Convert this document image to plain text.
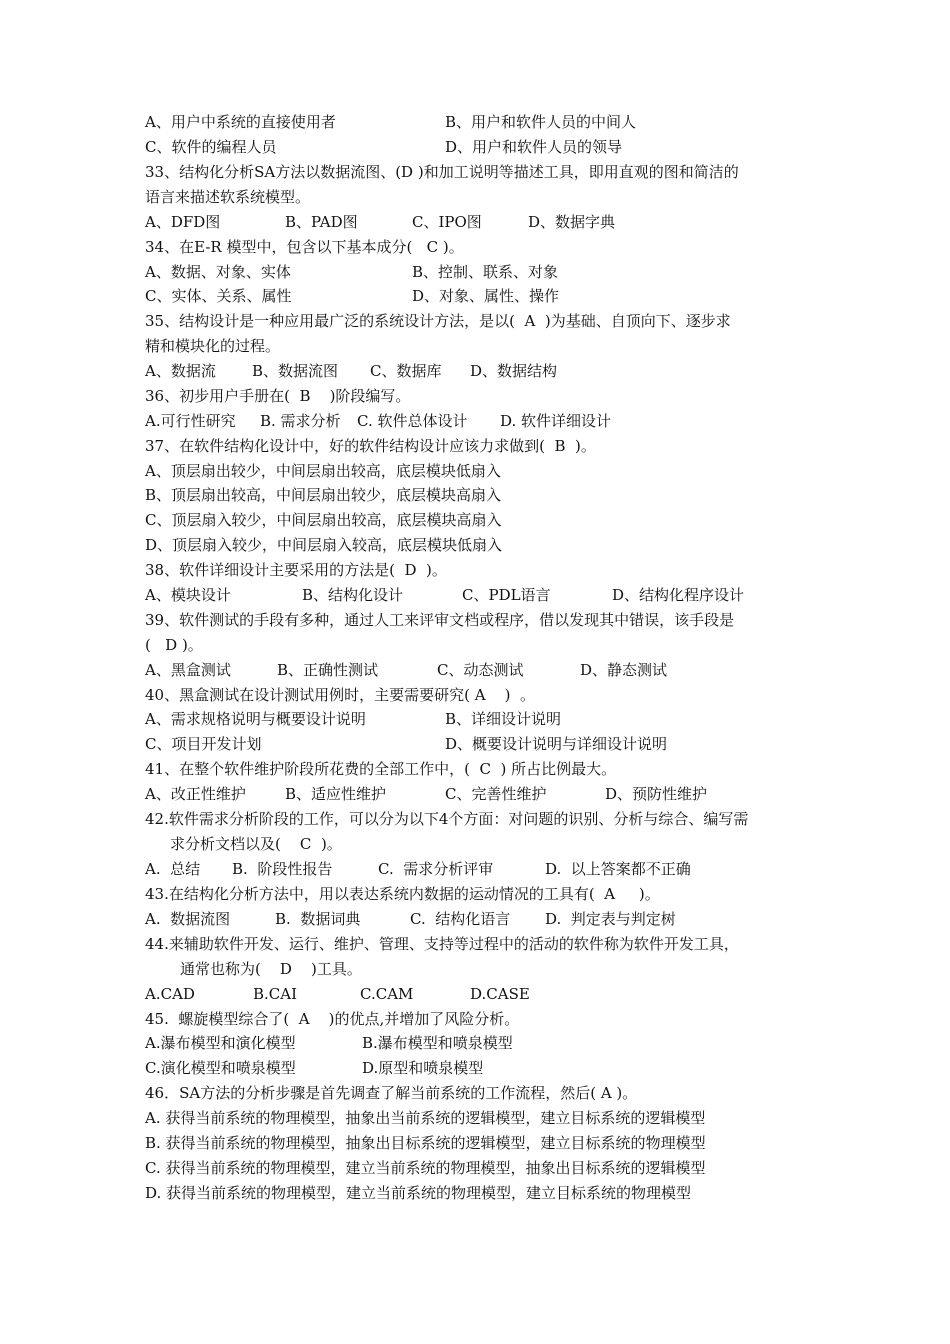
A、用户中系统的直接使用者	B、用户和软件人员的中间人
C、软件的编程人员	D、用户和软件人员的领导
33、结构化分析SA方法以数据流图、(D )和加工说明等描述工具，即用直观的图和简洁的
语言来描述软系统模型。
A、DFD图	B、PAD图	C、IPO图	D、数据字典
34、在E-R 模型中，包含以下基本成分(   C )。
A、数据、对象、实体	B、控制、联系、对象
C、实体、关系、属性	D、对象、属性、操作
35、结构设计是一种应用最广泛的系统设计方法，是以(  A  )为基础、自顶向下、逐步求
精和模块化的过程。
A、数据流 B、数据流图 C、数据库 D、数据结构
36、初步用户手册在(  B    )阶段编写。
A.可行性研究 B. 需求分析 C. 软件总体设计 D. 软件详细设计
37、在软件结构化设计中，好的软件结构设计应该力求做到(  B  )。
A、顶层扇出较少，中间层扇出较高，底层模块低扇入
B、顶层扇出较高，中间层扇出较少，底层模块高扇入
C、顶层扇入较少，中间层扇出较高，底层模块高扇入
D、顶层扇入较少，中间层扇入较高，底层模块低扇入
38、软件详细设计主要采用的方法是(  D  )。
A、模块设计	B、结构化设计	C、PDL语言	D、结构化程序设计
39、软件测试的手段有多种，通过人工来评审文档或程序，借以发现其中错误，该手段是
(   D )。
A、黑盒测试	B、正确性测试	C、动态测试	D、静态测试
40、黑盒测试在设计测试用例时，主要需要研究( A    )  。
A、需求规格说明与概要设计说明	B、详细设计说明
C、项目开发计划	D、概要设计说明与详细设计说明
41、在整个软件维护阶段所花费的全部工作中，(  C  ) 所占比例最大。
A、改正性维护	B、适应性维护	C、完善性维护	D、预防性维护
42.软件需求分析阶段的工作，可以分为以下4个方面：对问题的识别、分析与综合、编写需
求分析文档以及(    C  )。
A.  总结 B.  阶段性报告	C.  需求分析评审	D.  以上答案都不正确
43.在结构化分析方法中，用以表达系统内数据的运动情况的工具有(  A     )。
A.  数据流图	B.  数据词典	C.  结构化语言 D.  判定表与判定树
44.来辅助软件开发、运行、维护、管理、支持等过程中的活动的软件称为软件开发工具，
通常也称为(    D    )工具。
A.CAD	B.CAI	C.CAM	D.CASE
45.  螺旋模型综合了(  A    )的优点,并增加了风险分析。
A.瀑布模型和演化模型	B.瀑布模型和喷泉模型
C.演化模型和喷泉模型	D.原型和喷泉模型
46．SA方法的分析步骤是首先调查了解当前系统的工作流程，然后( A )。
A. 获得当前系统的物理模型，抽象出当前系统的逻辑模型，建立目标系统的逻辑模型
B. 获得当前系统的物理模型，抽象出目标系统的逻辑模型，建立目标系统的物理模型
C. 获得当前系统的物理模型，建立当前系统的物理模型，抽象出目标系统的逻辑模型
D. 获得当前系统的物理模型，建立当前系统的物理模型，建立目标系统的物理模型
